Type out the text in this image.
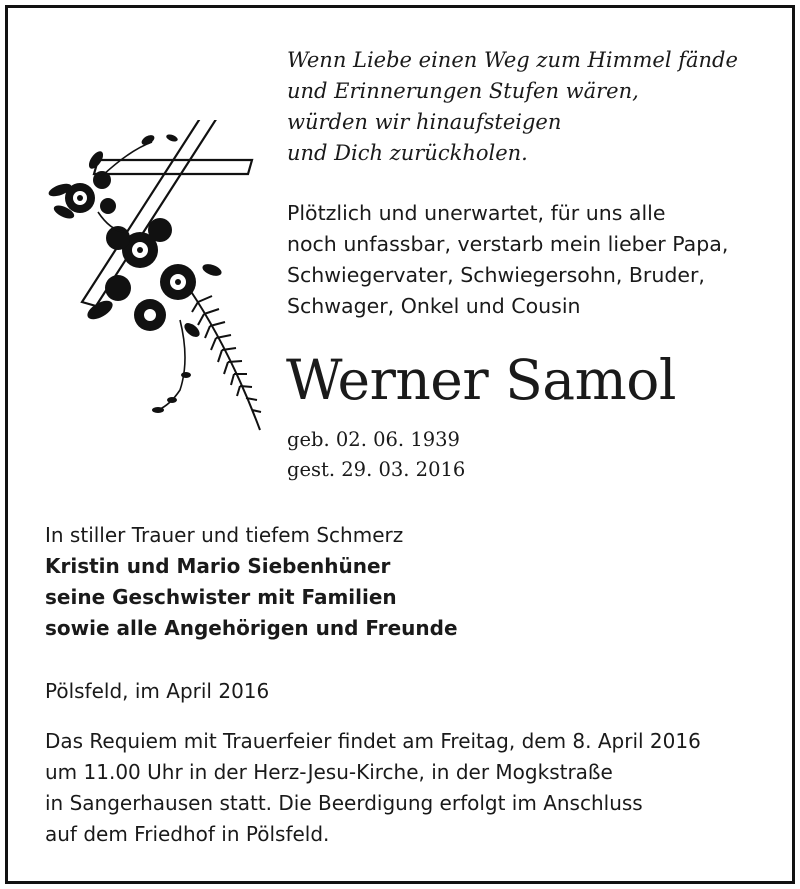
Wenn Liebe einen Weg zum Himmel fände
und Erinnerungen Stufen wären,
würden wir hinaufsteigen
und Dich zurückholen.
Plötzlich und unerwartet, für uns alle
noch unfassbar, verstarb mein lieber Papa,
Schwiegervater, Schwiegersohn, Bruder,
Schwager, Onkel und Cousin
Werner Samol
geb. 02. 06. 1939
gest. 29. 03. 2016
In stiller Trauer und tiefem Schmerz
Kristin und Mario Siebenhüner
seine Geschwister mit Familien
sowie alle Angehörigen und Freunde
Pölsfeld, im April 2016
Das Requiem mit Trauerfeier findet am Freitag, dem 8. April 2016
um 11.00 Uhr in der Herz-Jesu-Kirche, in der Mogkstraße
in Sangerhausen statt. Die Beerdigung erfolgt im Anschluss
auf dem Friedhof in Pölsfeld.
